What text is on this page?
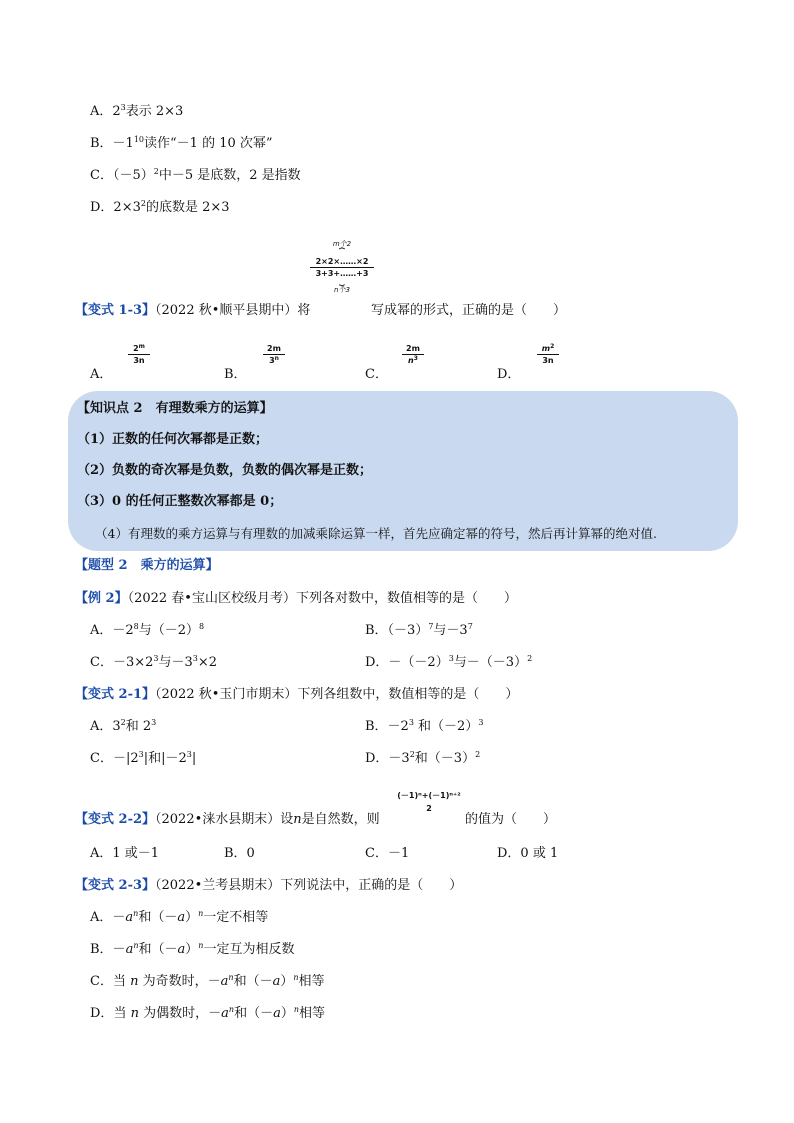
A．$2^3$表示 2×3
B．$-1^{10}$读作“－1 的 10 次幂”
C．$(-5)^2$中－5 是底数，2 是指数
D．$2\times 3^2$的底数是 2×3
m个2
⏞
2×2×……×2
3+3+……+3
⏟
n个3
【变式 1-3】（2022 秋•顺平县期中）将	写成幂的形式，正确的是（　　）
A．
$\frac{2^m}{3n}$
B．
$\frac{2m}{3^n}$
C．
$\frac{2m}{n^3}$
D．
$\frac{m^2}{3n}$
【知识点 2　有理数乘方的运算】
（1）正数的任何次幂都是正数；
（2）负数的奇次幂是负数，负数的偶次幂是正数；
（3）0 的任何正整数次幂都是 0；
（4）有理数的乘方运算与有理数的加减乘除运算一样，首先应确定幂的符号，然后再计算幂的绝对值.
【题型 2　乘方的运算】
【例 2】（2022 春•宝山区校级月考）下列各对数中，数值相等的是（　　）
A．$-2^8$与$(-2)^8$	B．$(-3)^7$与$-3^7$
C．$-3\times 2^3$与$-3^3\times 2$	D．$-(-2)^3$与$-(-3)^2$
【变式 2-1】（2022 秋•玉门市期末）下列各组数中，数值相等的是（　　）
A．$3^2$和 $2^3$	B．$-2^3$ 和$(-2)^3$
C．$-|2^3|$和$|-2^3|$	D．$-3^2$和$(-3)^2$
(－1)ⁿ+(－1)ⁿ⁺²
2
【变式 2-2】（2022•涞水县期末）设n是自然数，则	的值为（　　）
A．1 或－1	B．0	C．－1	D．0 或 1
【变式 2-3】（2022•兰考县期末）下列说法中，正确的是（　　）
A．$-a^n$和$(-a)^n$一定不相等
B．$-a^n$和$(-a)^n$一定互为相反数
C．当 n 为奇数时，$-a^n$和$(-a)^n$相等
D．当 n 为偶数时，$-a^n$和$(-a)^n$相等
